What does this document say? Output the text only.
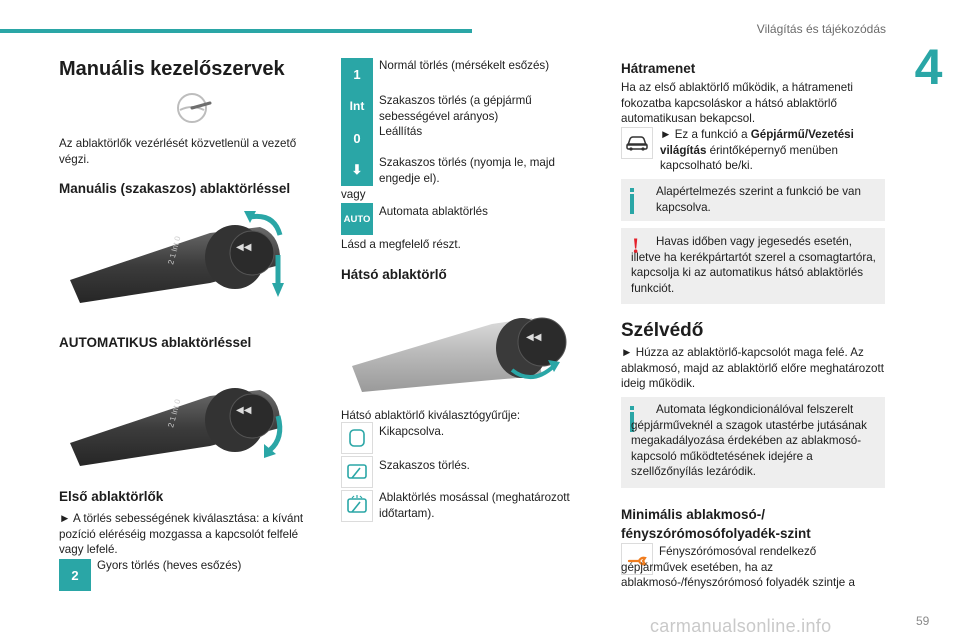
Világítás és tájékozódás
4
Manuális kezelőszervek
Az ablaktörlők vezérlését közvetlenül a vezető végzi.
Manuális (szakaszos) ablaktörléssel
◀◀
2 1 Int 0
AUTOMATIKUS ablaktörléssel
◀◀
2 1 Int 0
Első ablaktörlők
► A törlés sebességének kiválasztása: a kívánt pozíció eléréséig mozgassa a kapcsolót felfelé vagy lefelé.
2
Gyors törlés (heves esőzés)
1
Normál törlés (mérsékelt esőzés)
Int	Szakaszos törlés (a gépjármű sebességével arányos)
0	Leállítás
⬇	Szakaszos törlés (nyomja le, majd engedje el).
vagy
AUTO
Automata ablaktörlés
Lásd a megfelelő részt.
Hátsó ablaktörlő
◀◀
Hátsó ablaktörlő kiválasztógyűrűje:
Kikapcsolva.
Szakaszos törlés.
Ablaktörlés mosással (meghatározott időtartam).
Hátramenet
Ha az első ablaktörlő működik, a hátrameneti fokozatba kapcsoláskor a hátsó ablaktörlő automatikusan bekapcsol.
► Ez a funkció a Gépjármű/Vezetési világítás érintőképernyő menüben kapcsolható be/ki.
Alapértelmezés szerint a funkció be van kapcsolva.
!	Havas időben vagy jegesedés esetén, illetve ha kerékpártartót szerel a csomagtartóra, kapcsolja ki az automatikus hátsó ablaktörlés funkciót.
Szélvédő
► Húzza az ablaktörlő-kapcsolót maga felé. Az ablakmosó, majd az ablaktörlő előre meghatározott ideig működik.
Automata légkondicionálóval felszerelt gépjárműveknél a szagok utastérbe jutásának megakadályozása érdekében az ablakmosó-kapcsoló működtetésének idejére a szellőzőnyílás lezáródik.
Minimális ablakmosó-/ fényszórómosófolyadék-szint
Fényszórómosóval rendelkező gépjárművek esetében, ha az ablakmosó-/fényszórómosó folyadék szintje a
carmanualsonline.info	59
